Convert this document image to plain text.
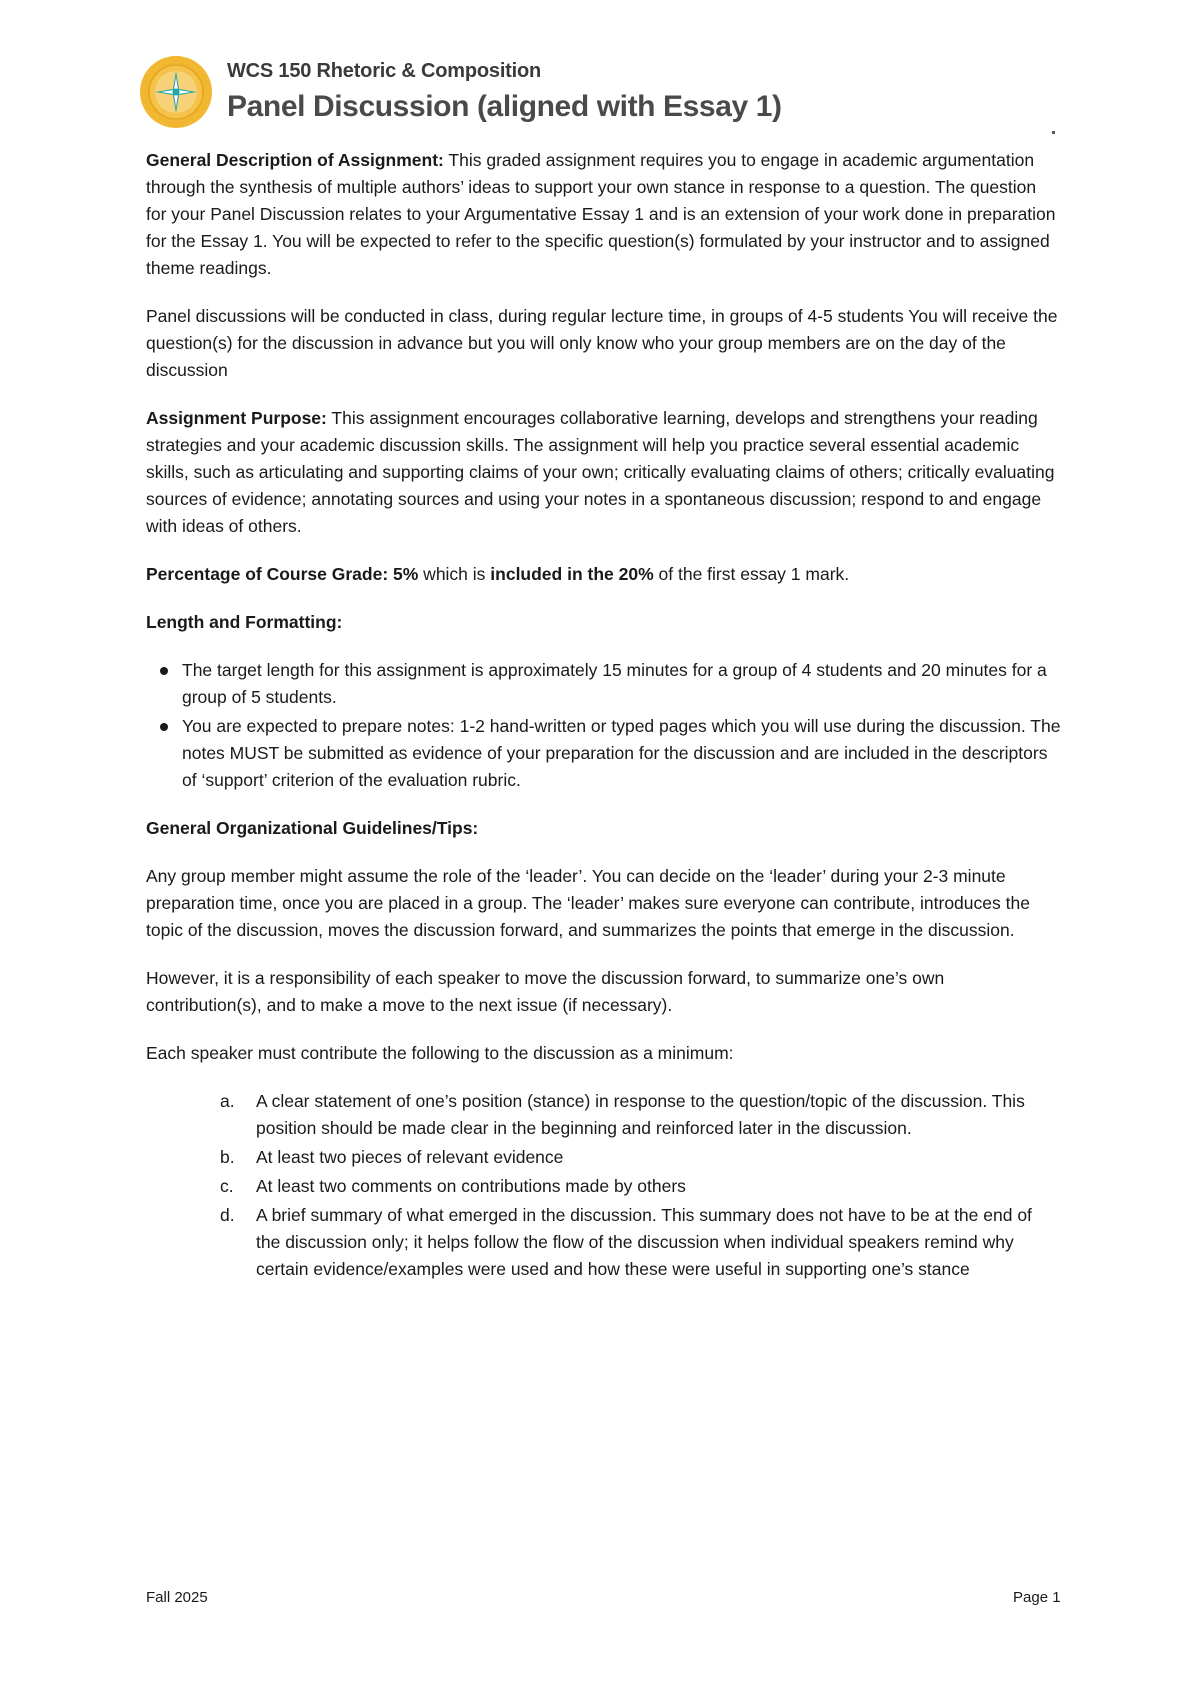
WCS 150 Rhetoric & Composition
Panel Discussion (aligned with Essay 1)

General Description of Assignment: This graded assignment requires you to engage in academic argumentation through the synthesis of multiple authors’ ideas to support your own stance in response to a question. The question for your Panel Discussion relates to your Argumentative Essay 1 and is an extension of your work done in preparation for the Essay 1. You will be expected to refer to the specific question(s) formulated by your instructor and to assigned theme readings.

Panel discussions will be conducted in class, during regular lecture time, in groups of 4-5 students You will receive the question(s) for the discussion in advance but you will only know who your group members are on the day of the discussion

Assignment Purpose: This assignment encourages collaborative learning, develops and strengthens your reading strategies and your academic discussion skills. The assignment will help you practice several essential academic skills, such as articulating and supporting claims of your own; critically evaluating claims of others; critically evaluating sources of evidence; annotating sources and using your notes in a spontaneous discussion; respond to and engage with ideas of others.

Percentage of Course Grade: 5% which is included in the 20% of the first essay 1 mark.

Length and Formatting:

The target length for this assignment is approximately 15 minutes for a group of 4 students and 20 minutes for a group of 5 students.
You are expected to prepare notes: 1-2 hand-written or typed pages which you will use during the discussion. The notes MUST be submitted as evidence of your preparation for the discussion and are included in the descriptors of ‘support’ criterion of the evaluation rubric.

General Organizational Guidelines/Tips:

Any group member might assume the role of the ‘leader’. You can decide on the ‘leader’ during your 2-3 minute preparation time, once you are placed in a group. The ‘leader’ makes sure everyone can contribute, introduces the topic of the discussion, moves the discussion forward, and summarizes the points that emerge in the discussion.

However, it is a responsibility of each speaker to move the discussion forward, to summarize one’s own contribution(s), and to make a move to the next issue (if necessary).

Each speaker must contribute the following to the discussion as a minimum:

a. A clear statement of one’s position (stance) in response to the question/topic of the discussion. This position should be made clear in the beginning and reinforced later in the discussion.
b. At least two pieces of relevant evidence
c. At least two comments on contributions made by others
d. A brief summary of what emerged in the discussion. This summary does not have to be at the end of the discussion only; it helps follow the flow of the discussion when individual speakers remind why certain evidence/examples were used and how these were useful in supporting one’s stance
Fall 2025	Page 1
